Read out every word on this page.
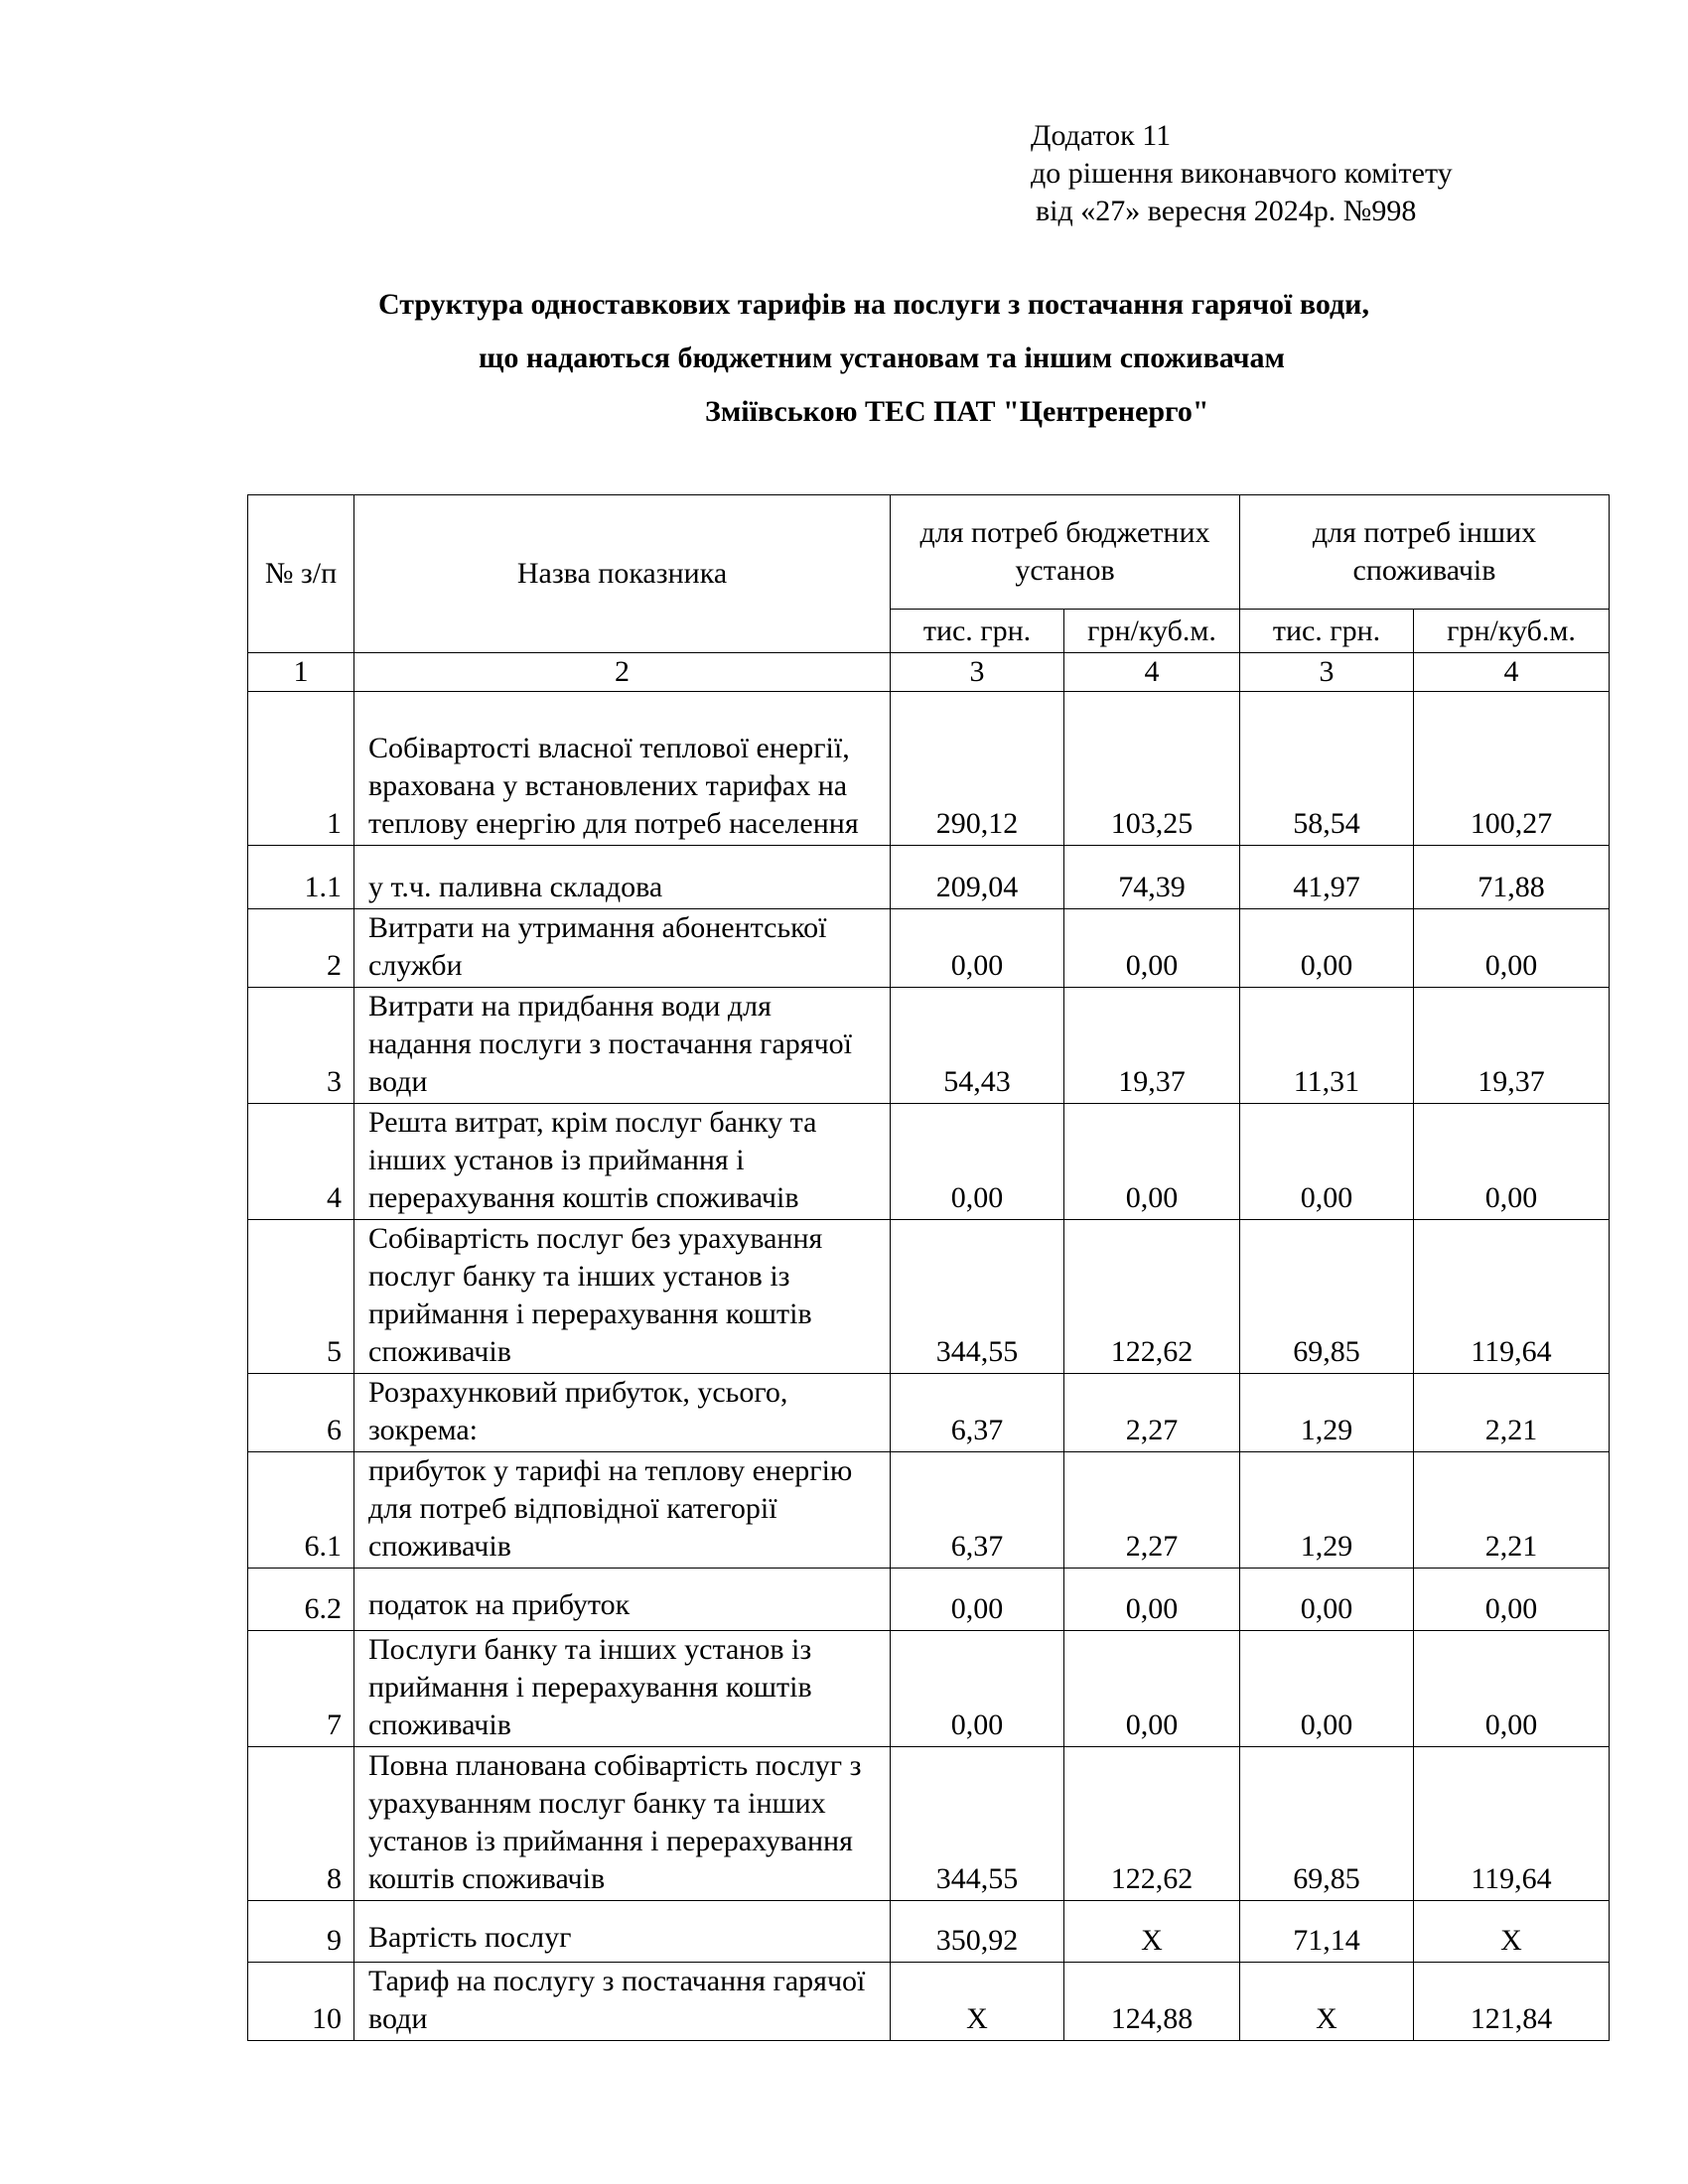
Додаток 11
до рішення виконавчого комітету
від «27» вересня 2024р. №998
Структура одноставкових тарифів на послуги з постачання гарячої води,
що надаються бюджетним установам та іншим споживачам
Зміївською ТЕС ПАТ "Центренерго"
№ з/п	Назва показника	для потреб бюджетних установ		для потреб інших споживачів	
		тис. грн.	грн/куб.м.	тис. грн.	грн/куб.м.
1	2	3	4	3	4
1	Собівартості власної теплової енергії, врахована у встановлених тарифах на теплову енергію для потреб населення	290,12	103,25	58,54	100,27
1.1	у т.ч. паливна складова	209,04	74,39	41,97	71,88
2	Витрати на утримання абонентської служби	0,00	0,00	0,00	0,00
3	Витрати на придбання води для надання послуги з постачання гарячої води	54,43	19,37	11,31	19,37
4	Решта витрат, крім послуг банку та інших установ із приймання і перерахування коштів споживачів	0,00	0,00	0,00	0,00
5	Собівартість послуг без урахування послуг банку та інших установ із приймання і перерахування коштів споживачів	344,55	122,62	69,85	119,64
6	Розрахунковий прибуток, усього, зокрема:	6,37	2,27	1,29	2,21
6.1	прибуток у тарифі на теплову енергію для потреб відповідної категорії споживачів	6,37	2,27	1,29	2,21
6.2	податок на прибуток	0,00	0,00	0,00	0,00
7	Послуги банку та інших установ із приймання і перерахування коштів споживачів	0,00	0,00	0,00	0,00
8	Повна планована собівартість послуг з урахуванням послуг банку та інших установ із приймання і перерахування коштів споживачів	344,55	122,62	69,85	119,64
9	Вартість послуг	350,92	Х	71,14	Х
10	Тариф на послугу з постачання гарячої води	Х	124,88	Х	121,84
